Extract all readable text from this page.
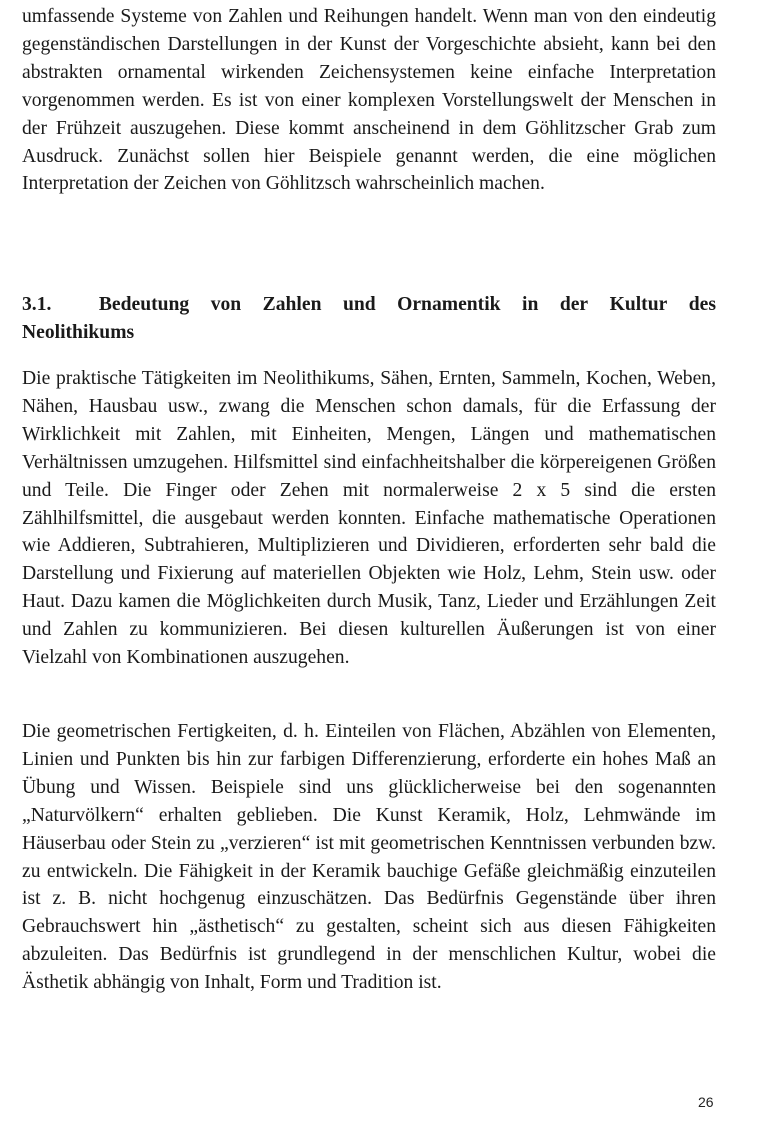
umfassende Systeme von Zahlen und Reihungen handelt. Wenn man von den eindeutig gegenständischen Darstellungen in der Kunst der Vorgeschichte absieht, kann bei den abstrakten ornamental wirkenden Zeichensystemen keine einfache Interpretation vorgenommen werden. Es ist von einer komplexen Vorstellungswelt der Menschen in der Frühzeit auszugehen. Diese kommt anscheinend in dem Göhlitzscher Grab zum Ausdruck. Zunächst sollen hier Beispiele genannt werden, die eine möglichen Interpretation der Zeichen von Göhlitzsch wahrscheinlich machen.

3.1. Bedeutung von Zahlen und Ornamentik in der Kultur des
Neolithikums

Die praktische Tätigkeiten im Neolithikums, Sähen, Ernten, Sammeln, Kochen, Weben, Nähen, Hausbau usw., zwang die Menschen schon damals, für die Erfassung der Wirklichkeit mit Zahlen, mit Einheiten, Mengen, Längen und mathematischen Verhältnissen umzugehen. Hilfsmittel sind einfachheitshalber die körpereigenen Größen und Teile. Die Finger oder Zehen mit normalerweise 2 x 5 sind die ersten Zählhilfsmittel, die ausgebaut werden konnten. Einfache mathematische Operationen wie Addieren, Subtrahieren, Multiplizieren und Dividieren, erforderten sehr bald die Darstellung und Fixierung auf materiellen Objekten wie Holz, Lehm, Stein usw. oder Haut. Dazu kamen die Möglichkeiten durch Musik, Tanz, Lieder und Erzählungen Zeit und Zahlen zu kommunizieren. Bei diesen kulturellen Äußerungen ist von einer Vielzahl von Kombinationen auszugehen.

Die geometrischen Fertigkeiten, d. h. Einteilen von Flächen, Abzählen von Elementen, Linien und Punkten bis hin zur farbigen Differenzierung, erforderte ein hohes Maß an Übung und Wissen. Beispiele sind uns glücklicherweise bei den sogenannten „Naturvölkern“ erhalten geblieben. Die Kunst Keramik, Holz, Lehmwände im Häuserbau oder Stein zu „verzieren“ ist mit geometrischen Kenntnissen verbunden bzw. zu entwickeln. Die Fähigkeit in der Keramik bauchige Gefäße gleichmäßig einzuteilen ist z. B. nicht hochgenug einzuschätzen. Das Bedürfnis Gegenstände über ihren Gebrauchswert hin „ästhetisch“ zu gestalten, scheint sich aus diesen Fähigkeiten abzuleiten. Das Bedürfnis ist grundlegend in der menschlichen Kultur, wobei die Ästhetik abhängig von Inhalt, Form und Tradition ist.

26
